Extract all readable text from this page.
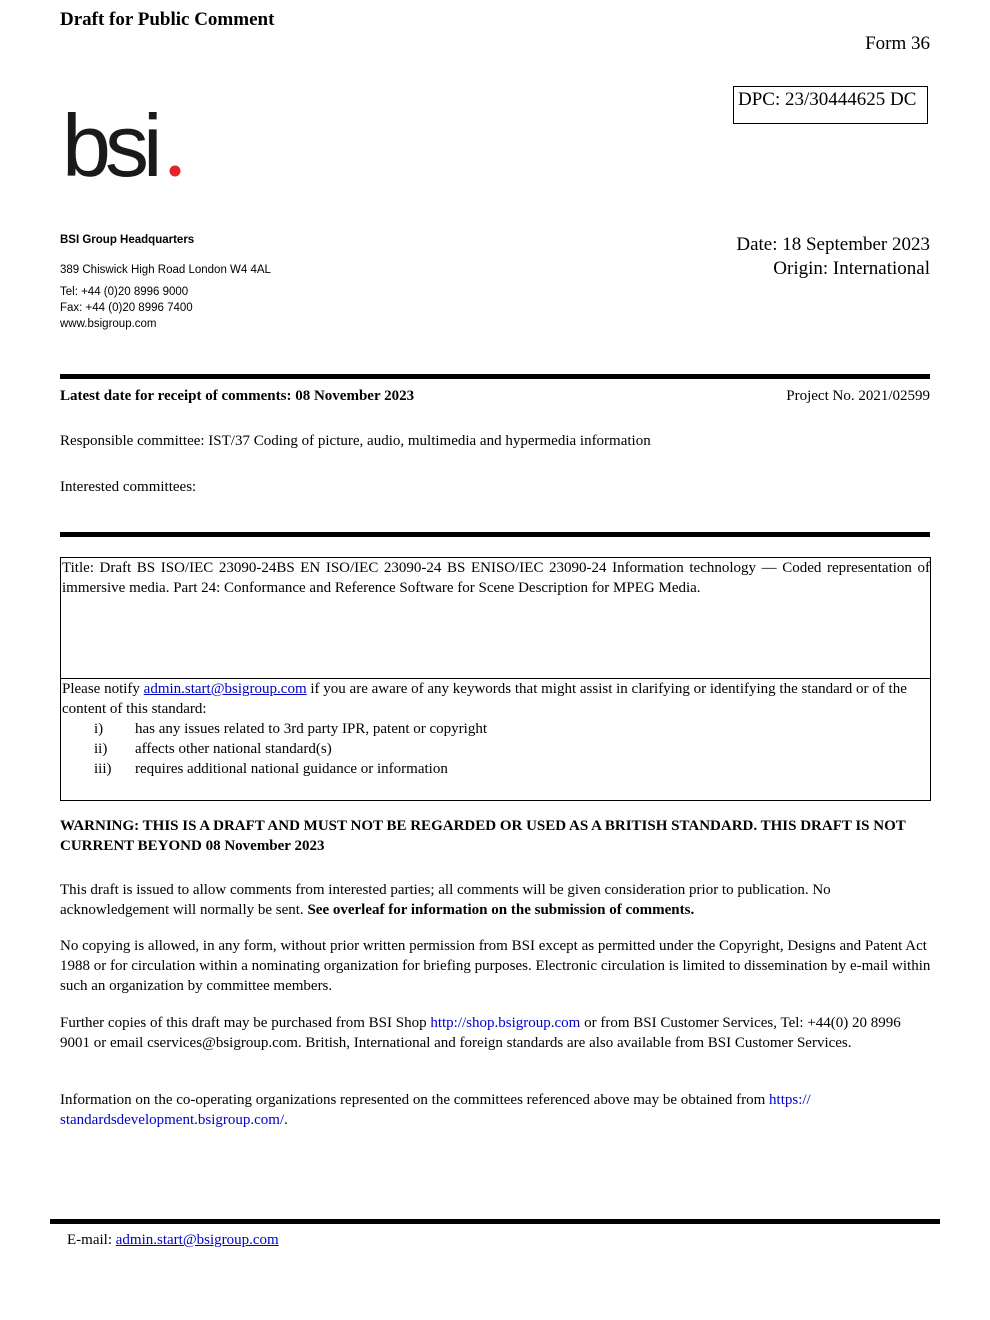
Draft for Public Comment
Form 36
DPC: 23/30444625 DC
bsi
BSI Group Headquarters
389 Chiswick High Road London W4 4AL
Tel: +44 (0)20 8996 9000
Fax: +44 (0)20 8996 7400
www.bsigroup.com
Date: 18 September 2023
Origin: International
Latest date for receipt of comments: 08 November 2023	Project No. 2021/02599
Responsible committee: IST/37 Coding of picture, audio, multimedia and hypermedia information
Interested committees:
Title: Draft BS ISO/IEC 23090-24BS EN ISO/IEC 23090-24 BS ENISO/IEC 23090-24 Information technology — Coded representation of immersive media. Part 24: Conformance and Reference Software for Scene Description for MPEG Media.
Please notify admin.start@bsigroup.com if you are aware of any keywords that might assist in clarifying or identifying the standard or of the content of this standard:
i) has any issues related to 3rd party IPR, patent or copyright
ii) affects other national standard(s)
iii) requires additional national guidance or information
WARNING: THIS IS A DRAFT AND MUST NOT BE REGARDED OR USED AS A BRITISH STANDARD. THIS DRAFT IS NOT CURRENT BEYOND 08 November 2023
This draft is issued to allow comments from interested parties; all comments will be given consideration prior to publication. No acknowledgement will normally be sent. See overleaf for information on the submission of comments.
No copying is allowed, in any form, without prior written permission from BSI except as permitted under the Copyright, Designs and Patent Act 1988 or for circulation within a nominating organization for briefing purposes. Electronic circulation is limited to dissemination by e-mail within such an organization by committee members.
Further copies of this draft may be purchased from BSI Shop http://shop.bsigroup.com or from BSI Customer Services, Tel: +44(0) 20 8996 9001 or email cservices@bsigroup.com. British, International and foreign standards are also available from BSI Customer Services.
Information on the co-operating organizations represented on the committees referenced above may be obtained from https:// standardsdevelopment.bsigroup.com/.
E-mail: admin.start@bsigroup.com
